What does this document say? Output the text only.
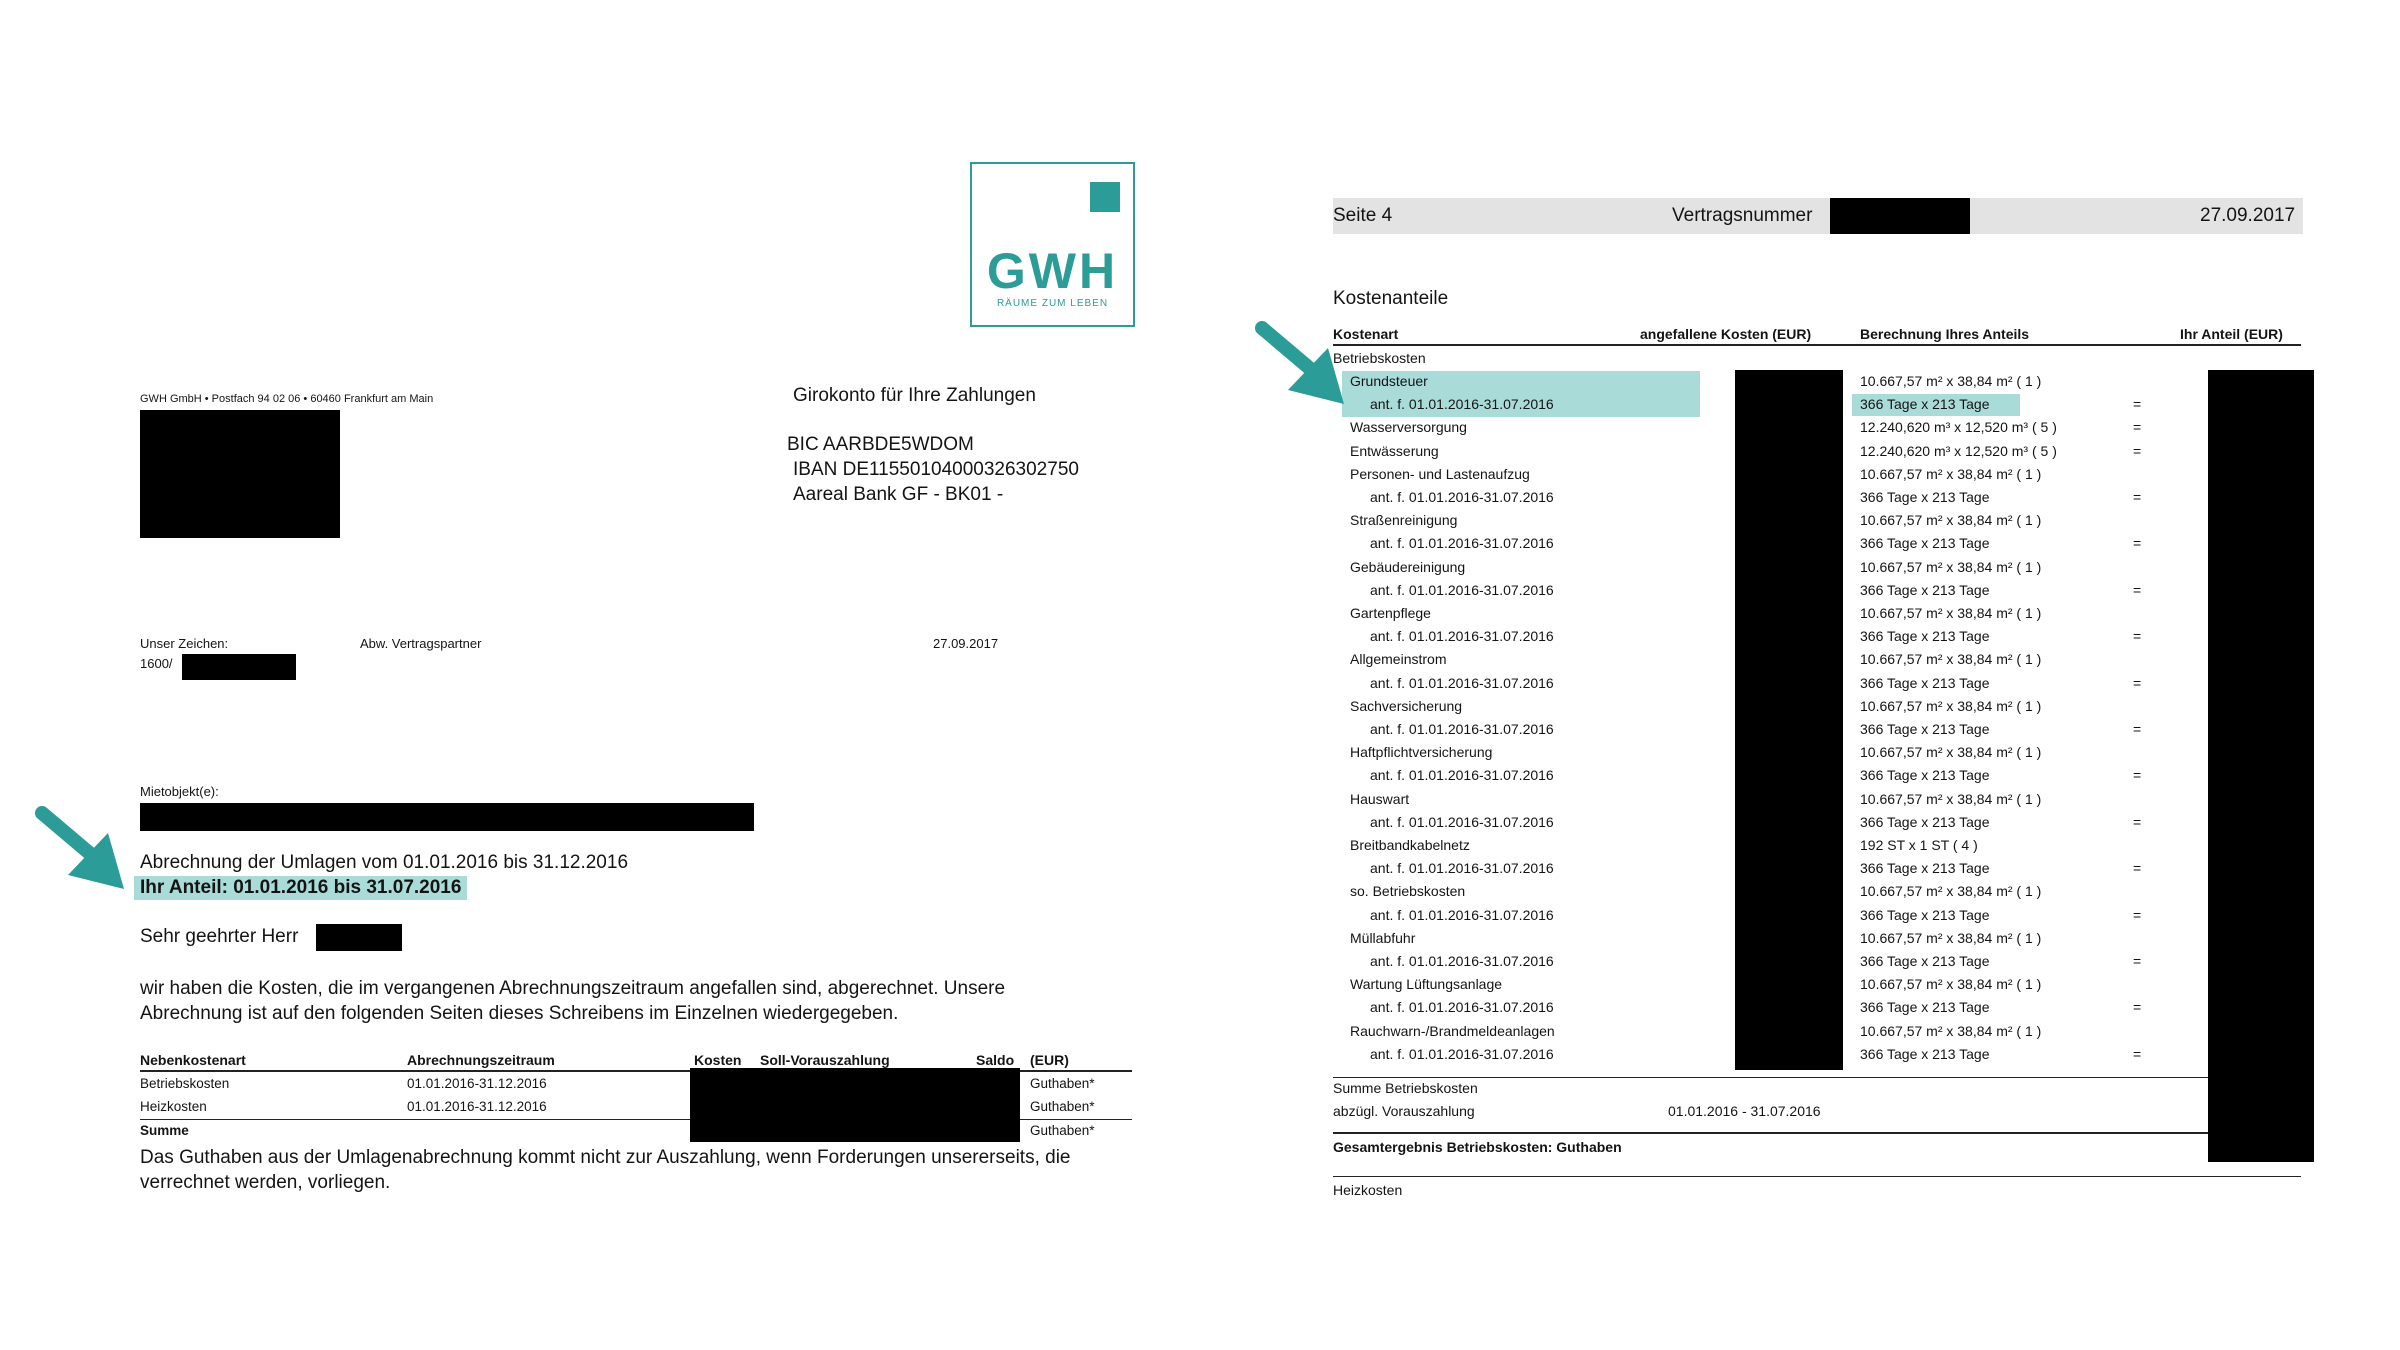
GWH
RÄUME ZUM LEBEN
GWH GmbH • Postfach 94 02 06 • 60460 Frankfurt am Main	Girokonto für Ihre Zahlungen
BIC AARBDE5WDOM
IBAN DE11550104000326302750
Aareal Bank GF - BK01 -
Unser Zeichen:
1600/
Abw. Vertragspartner	27.09.2017
Mietobjekt(e):
Abrechnung der Umlagen vom 01.01.2016 bis 31.12.2016
Ihr Anteil: 01.01.2016 bis 31.07.2016
Sehr geehrter Herr
wir haben die Kosten, die im vergangenen Abrechnungszeitraum angefallen sind, abgerechnet. Unsere Abrechnung ist auf den folgenden Seiten dieses Schreibens im Einzelnen wiedergegeben.
Nebenkostenart	Abrechnungszeitraum	Kosten Soll-Vorauszahlung	Saldo (EUR)
Betriebskosten	01.01.2016-31.12.2016	Guthaben*
Heizkosten	01.01.2016-31.12.2016	Guthaben*
Summe	Guthaben*
Das Guthaben aus der Umlagenabrechnung kommt nicht zur Auszahlung, wenn Forderungen unsererseits, die verrechnet werden, vorliegen.
Seite 4	Vertragsnummer	27.09.2017
Kostenanteile
Kostenart	angefallene Kosten (EUR)	Berechnung Ihres Anteils	Ihr Anteil (EUR)
Betriebskosten
Grundsteuer	10.667,57 m² x 38,84 m² ( 1 )
ant. f. 01.01.2016-31.07.2016	366 Tage x 213 Tage	=
Wasserversorgung	12.240,620 m³ x 12,520 m³ ( 5 )	=
Entwässerung	12.240,620 m³ x 12,520 m³ ( 5 )	=
Personen- und Lastenaufzug	10.667,57 m² x 38,84 m² ( 1 )
ant. f. 01.01.2016-31.07.2016	366 Tage x 213 Tage	=
Straßenreinigung	10.667,57 m² x 38,84 m² ( 1 )
ant. f. 01.01.2016-31.07.2016	366 Tage x 213 Tage	=
Gebäudereinigung	10.667,57 m² x 38,84 m² ( 1 )
ant. f. 01.01.2016-31.07.2016	366 Tage x 213 Tage	=
Gartenpflege	10.667,57 m² x 38,84 m² ( 1 )
ant. f. 01.01.2016-31.07.2016	366 Tage x 213 Tage	=
Allgemeinstrom	10.667,57 m² x 38,84 m² ( 1 )
ant. f. 01.01.2016-31.07.2016	366 Tage x 213 Tage	=
Sachversicherung	10.667,57 m² x 38,84 m² ( 1 )
ant. f. 01.01.2016-31.07.2016	366 Tage x 213 Tage	=
Haftpflichtversicherung	10.667,57 m² x 38,84 m² ( 1 )
ant. f. 01.01.2016-31.07.2016	366 Tage x 213 Tage	=
Hauswart	10.667,57 m² x 38,84 m² ( 1 )
ant. f. 01.01.2016-31.07.2016	366 Tage x 213 Tage	=
Breitbandkabelnetz	192 ST x 1 ST ( 4 )
ant. f. 01.01.2016-31.07.2016	366 Tage x 213 Tage	=
so. Betriebskosten	10.667,57 m² x 38,84 m² ( 1 )
ant. f. 01.01.2016-31.07.2016	366 Tage x 213 Tage	=
Müllabfuhr	10.667,57 m² x 38,84 m² ( 1 )
ant. f. 01.01.2016-31.07.2016	366 Tage x 213 Tage	=
Wartung Lüftungsanlage	10.667,57 m² x 38,84 m² ( 1 )
ant. f. 01.01.2016-31.07.2016	366 Tage x 213 Tage	=
Rauchwarn-/Brandmeldeanlagen	10.667,57 m² x 38,84 m² ( 1 )
ant. f. 01.01.2016-31.07.2016	366 Tage x 213 Tage	=
Summe Betriebskosten
abzügl. Vorauszahlung	01.01.2016 - 31.07.2016
Gesamtergebnis Betriebskosten: Guthaben
Heizkosten
